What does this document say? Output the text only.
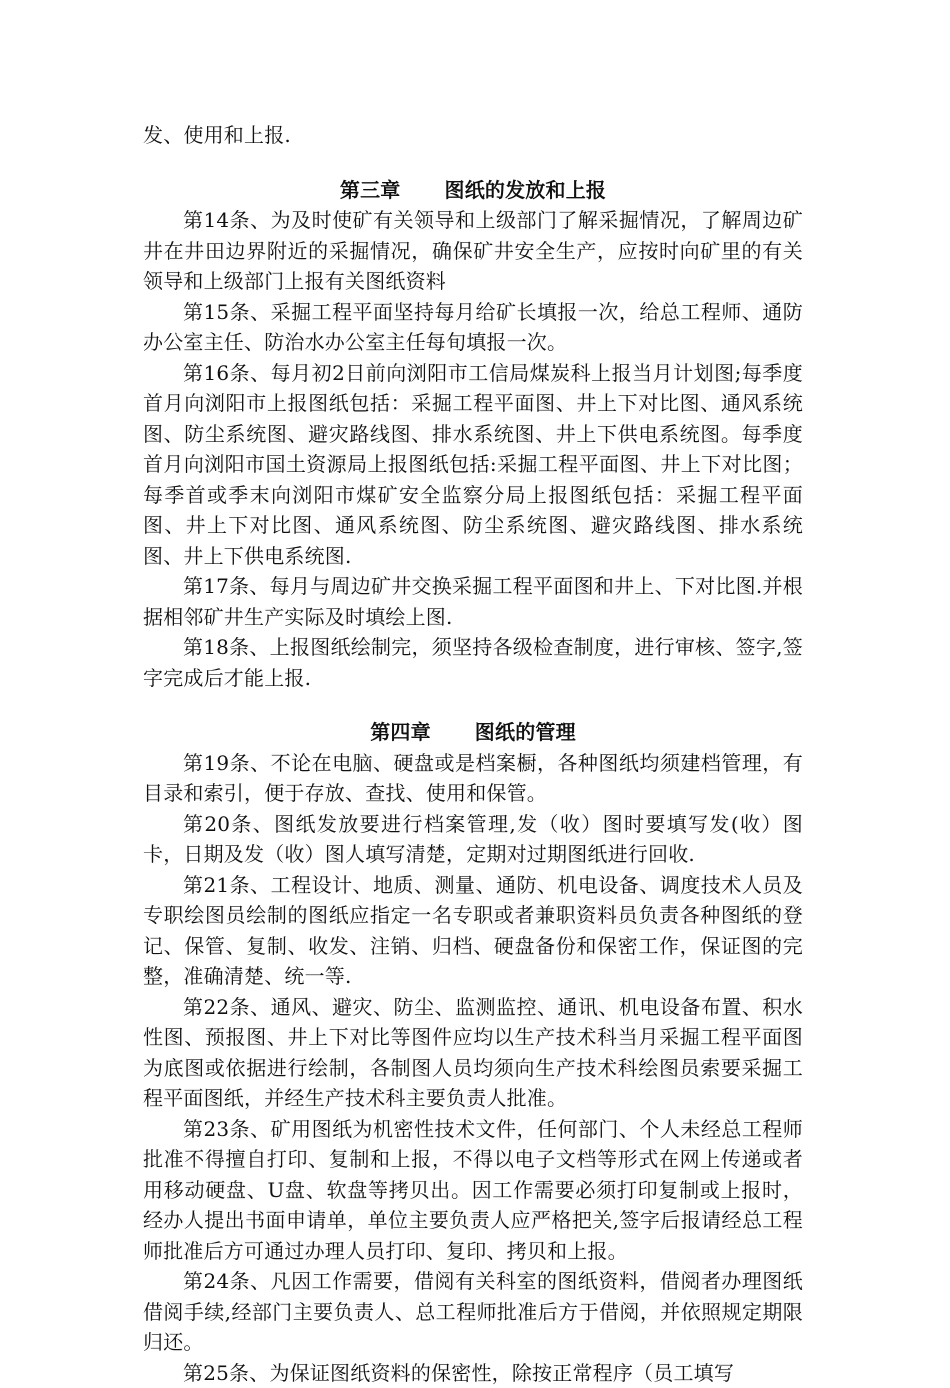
发、使用和上报.

第三章 图纸的发放和上报

第14条、为及时使矿有关领导和上级部门了解采掘情况，了解周边矿井在井田边界附近的采掘情况，确保矿井安全生产，应按时向矿里的有关领导和上级部门上报有关图纸资料

第15条、采掘工程平面坚持每月给矿长填报一次，给总工程师、通防办公室主任、防治水办公室主任每旬填报一次。

第16条、每月初2日前向浏阳市工信局煤炭科上报当月计划图;每季度首月向浏阳市上报图纸包括：采掘工程平面图、井上下对比图、通风系统图、防尘系统图、避灾路线图、排水系统图、井上下供电系统图。每季度首月向浏阳市国土资源局上报图纸包括:采掘工程平面图、井上下对比图；每季首或季末向浏阳市煤矿安全监察分局上报图纸包括：采掘工程平面图、井上下对比图、通风系统图、防尘系统图、避灾路线图、排水系统图、井上下供电系统图.

第17条、每月与周边矿井交换采掘工程平面图和井上、下对比图.并根据相邻矿井生产实际及时填绘上图.

第18条、上报图纸绘制完，须坚持各级检查制度，进行审核、签字,签字完成后才能上报.

第四章 图纸的管理

第19条、不论在电脑、硬盘或是档案橱，各种图纸均须建档管理，有目录和索引，便于存放、查找、使用和保管。

第20条、图纸发放要进行档案管理,发（收）图时要填写发(收）图卡，日期及发（收）图人填写清楚，定期对过期图纸进行回收.

第21条、工程设计、地质、测量、通防、机电设备、调度技术人员及专职绘图员绘制的图纸应指定一名专职或者兼职资料员负责各种图纸的登记、保管、复制、收发、注销、归档、硬盘备份和保密工作，保证图的完整，准确清楚、统一等.

第22条、通风、避灾、防尘、监测监控、通讯、机电设备布置、积水性图、预报图、井上下对比等图件应均以生产技术科当月采掘工程平面图为底图或依据进行绘制，各制图人员均须向生产技术科绘图员索要采掘工程平面图纸，并经生产技术科主要负责人批准。

第23条、矿用图纸为机密性技术文件，任何部门、个人未经总工程师批准不得擅自打印、复制和上报，不得以电子文档等形式在网上传递或者用移动硬盘、U盘、软盘等拷贝出。因工作需要必须打印复制或上报时，经办人提出书面申请单，单位主要负责人应严格把关,签字后报请经总工程师批准后方可通过办理人员打印、复印、拷贝和上报。

第24条、凡因工作需要，借阅有关科室的图纸资料，借阅者办理图纸借阅手续,经部门主要负责人、总工程师批准后方于借阅，并依照规定期限归还。

第25条、为保证图纸资料的保密性，除按正常程序（员工填写
